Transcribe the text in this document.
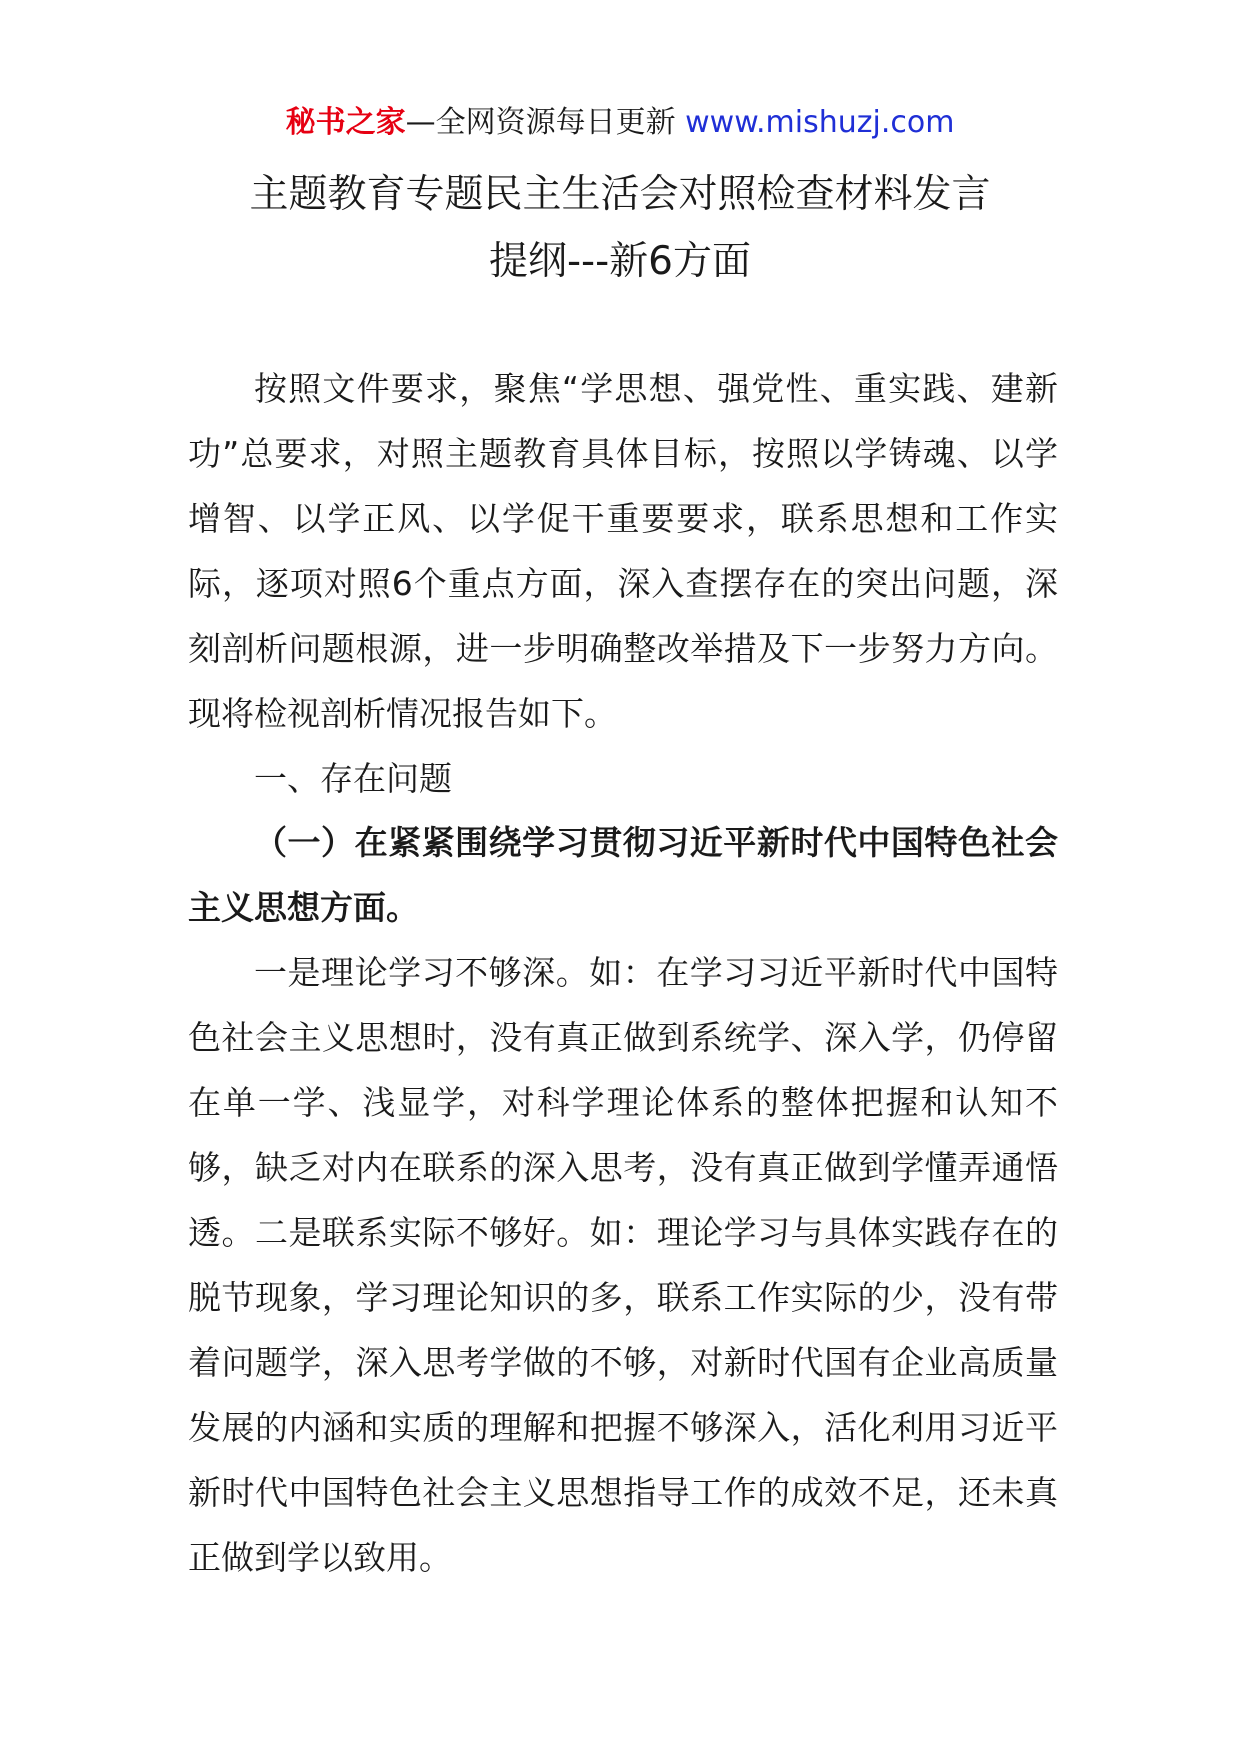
秘书之家—全网资源每日更新 www.mishuzj.com
主题教育专题民主生活会对照检查材料发言
提纲---新6方面

按照文件要求，聚焦“学思想、强党性、重实践、建新功”总要求，对照主题教育具体目标，按照以学铸魂、以学增智、以学正风、以学促干重要要求，联系思想和工作实际，逐项对照6个重点方面，深入查摆存在的突出问题，深刻剖析问题根源，进一步明确整改举措及下一步努力方向。现将检视剖析情况报告如下。

一、存在问题

（一）在紧紧围绕学习贯彻习近平新时代中国特色社会主义思想方面。

一是理论学习不够深。如：在学习习近平新时代中国特色社会主义思想时，没有真正做到系统学、深入学，仍停留在单一学、浅显学，对科学理论体系的整体把握和认知不够，缺乏对内在联系的深入思考，没有真正做到学懂弄通悟透。二是联系实际不够好。如：理论学习与具体实践存在的脱节现象，学习理论知识的多，联系工作实际的少，没有带着问题学，深入思考学做的不够，对新时代国有企业高质量发展的内涵和实质的理解和把握不够深入，活化利用习近平新时代中国特色社会主义思想指导工作的成效不足，还未真正做到学以致用。
